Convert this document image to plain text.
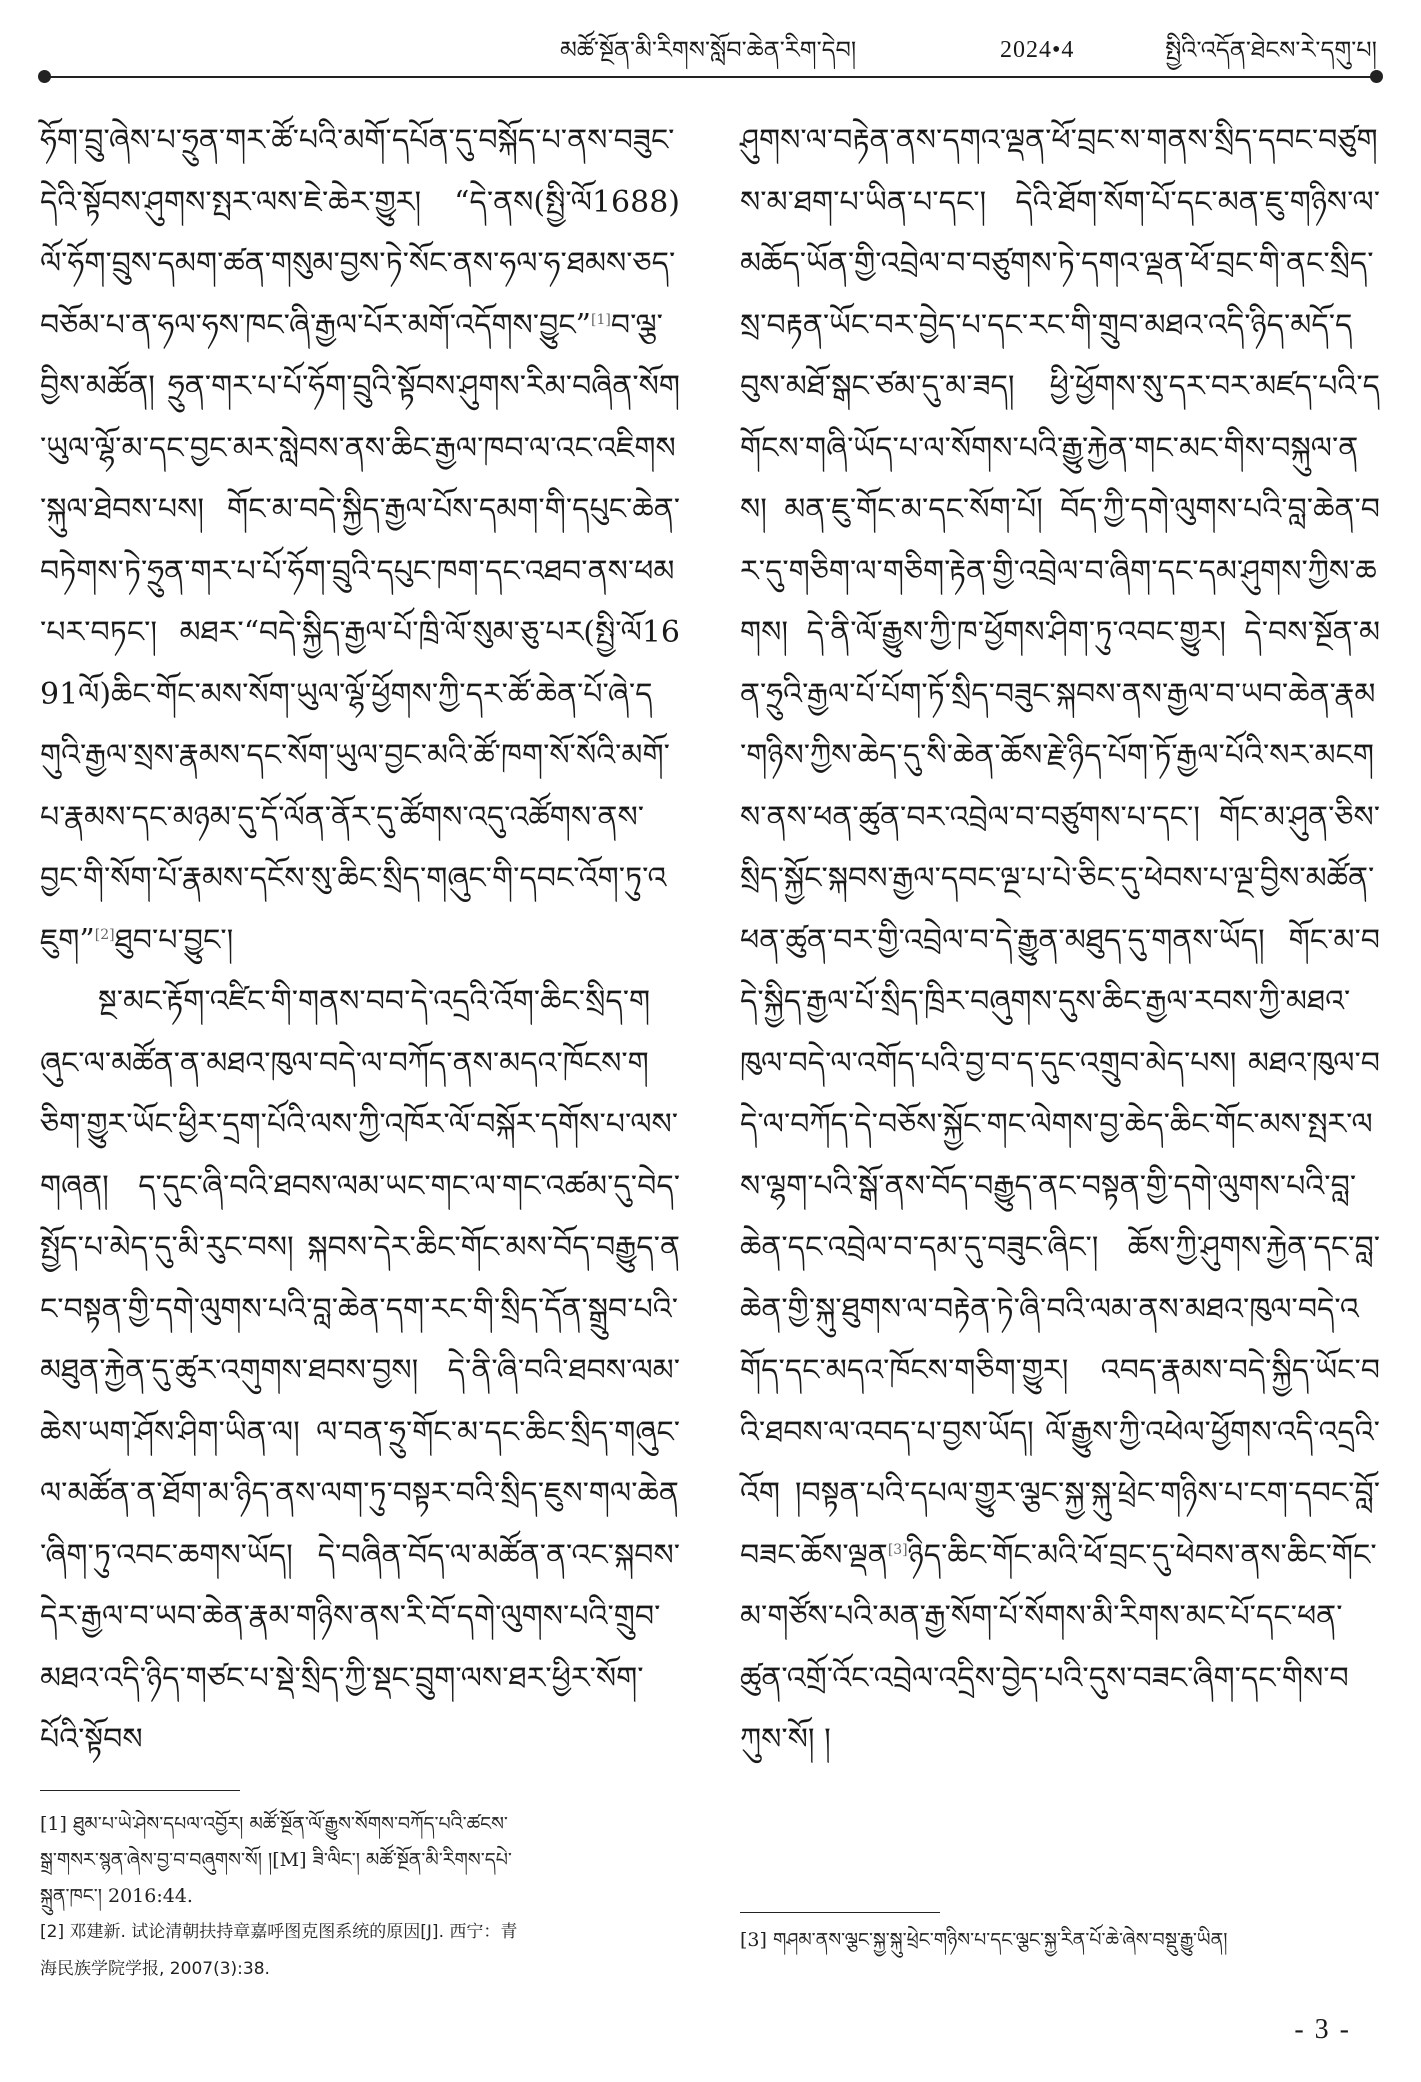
མཚོ་སྔོན་མི་རིགས་སློབ་ཆེན་རིག་དེབ།	2024•4	སྤྱིའི་འདོན་ཐེངས་རེ་དགུ་པ།

ཧོག་བྲུ་ཞེས་པ་ཧྲུན་གར་ཚོ་པའི་མགོ་དཔོན་དུ་བསྐོད་པ་ནས་བཟུང་དེའི་སྟོབས་ཤུགས་སྤར་ལས་ཇེ་ཆེར་གྱུར། “དེ་ནས(སྤྱི་ལོ1688)ལོ་ཧོག་བྲུས་དམག་ཚན་གསུམ་བྱས་ཏེ་སོང་ནས་ཧལ་ཧ་ཐམས་ཅད་བཅོམ་པ་ན་ཧལ་ཧས་ཁང་ཞི་རྒྱལ་པོར་མགོ་འདོགས་བྱུང”[1]བ་ལྕ་བྱིས་མཚོན། ཧྲུན་གར་པ་པོ་ཧོག་བྲུའི་སྟོབས་ཤུགས་རིམ་བཞིན་སོག་ཡུལ་ལྷོ་མ་དང་བྱང་མར་སླེབས་ནས་ཆིང་རྒྱལ་ཁབ་ལ་འང་འཇིགས་སྐུལ་ཐེབས་པས། གོང་མ་བདེ་སྐྱིད་རྒྱལ་པོས་དམག་གི་དཔུང་ཆེན་བཏེགས་ཏེ་ཧྲུན་གར་པ་པོ་ཧོག་བྲུའི་དཔུང་ཁག་དང་འཐབ་ནས་ཕམ་པར་བཏང་། མཐར་“བདེ་སྐྱིད་རྒྱལ་པོ་ཁྲི་ལོ་སུམ་ཅུ་པར(སྤྱི་ལོ1691ལོ)ཆིང་གོང་མས་སོག་ཡུལ་ལྷོ་ཕྱོགས་ཀྱི་དར་ཚོ་ཆེན་པོ་ཞེ་དགུའི་རྒྱལ་སྲས་རྣམས་དང་སོག་ཡུལ་བྱང་མའི་ཚོ་ཁག་སོ་སོའི་མགོ་པ་རྣམས་དང་མཉམ་དུ་དོ་ལོན་ནོར་དུ་ཚོགས་འདུ་འཚོགས་ནས་བྱང་གི་སོག་པོ་རྣམས་དངོས་སུ་ཆིང་སྲིད་གཞུང་གི་དབང་འོག་ཏུ་འཇུག”[2]ཐུབ་པ་བྱུང་།

སྔ་མང་རྟོག་འཛིང་གི་གནས་བབ་དེ་འདྲའི་འོག་ཆིང་སྲིད་གཞུང་ལ་མཚོན་ན་མཐའ་ཁུལ་བདེ་ལ་བཀོད་ནས་མདའ་ཁོངས་གཅིག་གྱུར་ཡོང་ཕྱིར་དྲག་པོའི་ལས་ཀྱི་འཁོར་ལོ་བསྐོར་དགོས་པ་ལས་གཞན། ད་དུང་ཞི་བའི་ཐབས་ལམ་ཡང་གང་ལ་གང་འཚམ་དུ་བེད་སྤྱོད་པ་མེད་དུ་མི་རུང་བས། སྐབས་དེར་ཆིང་གོང་མས་བོད་བརྒྱུད་ནང་བསྟན་གྱི་དགེ་ལུགས་པའི་བླ་ཆེན་དག་རང་གི་སྲིད་དོན་སྒྲུབ་པའི་མཐུན་རྐྱེན་དུ་ཚུར་འགུགས་ཐབས་བྱས། དེ་ནི་ཞི་བའི་ཐབས་ལམ་ཆེས་ཡག་ཤོས་ཤིག་ཡིན་ལ། ལ་བན་ཧྲུ་གོང་མ་དང་ཆིང་སྲིད་གཞུང་ལ་མཚོན་ན་ཐོག་མ་ཉིད་ནས་ལག་ཏུ་བསྟར་བའི་སྲིད་ཇུས་གལ་ཆེན་ཞིག་ཏུ་འབང་ཆགས་ཡོད། དེ་བཞིན་བོད་ལ་མཚོན་ན་འང་སྐབས་དེར་རྒྱལ་བ་ཡབ་ཆེན་རྣམ་གཉིས་ནས་རི་བོ་དགེ་ལུགས་པའི་གྲུབ་མཐའ་འདི་ཉིད་གཙང་པ་སྡེ་སྲིད་ཀྱི་སྡང་བྲུག་ལས་ཐར་ཕྱིར་སོག་པོའི་སྟོབས

ཤུགས་ལ་བརྟེན་ནས་དགའ་ལྡན་ཕོ་བྲང་ས་གནས་སྲིད་དབང་བཙུགས་མ་ཐག་པ་ཡིན་པ་དང་། དེའི་ཐོག་སོག་པོ་དང་མན་ཇུ་གཉིས་ལ་མཆོད་ཡོན་གྱི་འབྲེལ་བ་བཙུགས་ཏེ་དགའ་ལྡན་ཕོ་བྲང་གི་ནང་སྲིད་སྲ་བརྟན་ཡོང་བར་བྱེད་པ་དང་རང་གི་གྲུབ་མཐའ་འདི་ཉིད་མདོ་དབུས་མཐོ་སྒང་ཙམ་དུ་མ་ཟད། ཕྱི་ཕྱོགས་སུ་དར་བར་མཛད་པའི་དགོངས་གཞི་ཡོད་པ་ལ་སོགས་པའི་རྒྱུ་རྐྱེན་གང་མང་གིས་བསྐུལ་ནས། མན་ཇུ་གོང་མ་དང་སོག་པོ། བོད་ཀྱི་དགེ་ལུགས་པའི་བླ་ཆེན་བར་དུ་གཅིག་ལ་གཅིག་རྟེན་གྱི་འབྲེལ་བ་ཞིག་དང་དམ་ཤུགས་ཀྱིས་ཆགས། དེ་ནི་ལོ་རྒྱུས་ཀྱི་ཁ་ཕྱོགས་ཤིག་ཏུ་འབང་གྱུར། དེ་བས་སྔོན་མན་ཧྲུའི་རྒྱལ་པོ་པོག་ཏོ་སྲིད་བཟུང་སྐབས་ནས་རྒྱལ་བ་ཡབ་ཆེན་རྣམ་གཉིས་ཀྱིས་ཆེད་དུ་སི་ཆེན་ཆོས་རྗེ་ཉིད་པོག་ཏོ་རྒྱལ་པོའི་སར་མངགས་ནས་ཕན་ཚུན་བར་འབྲེལ་བ་བཙུགས་པ་དང་། གོང་མ་ཤུན་ཅིས་སྲིད་སྐྱོང་སྐབས་རྒྱལ་དབང་ལྔ་པ་པེ་ཅིང་དུ་ཕེབས་པ་ལྔ་བྱིས་མཚོན་ཕན་ཚུན་བར་གྱི་འབྲེལ་བ་དེ་རྒྱུན་མཐུད་དུ་གནས་ཡོད། གོང་མ་བདེ་སྐྱིད་རྒྱལ་པོ་སྲིད་ཁྲིར་བཞུགས་དུས་ཆིང་རྒྱལ་རབས་ཀྱི་མཐའ་ཁུལ་བདེ་ལ་འགོད་པའི་བྱ་བ་ད་དུང་འགྲུབ་མེད་པས། མཐའ་ཁུལ་བདེ་ལ་བཀོད་དེ་བཅོས་སྐྱོང་གང་ལེགས་བྱ་ཆེད་ཆིང་གོང་མས་སྤར་ལས་ལྷག་པའི་སྒོ་ནས་བོད་བརྒྱུད་ནང་བསྟན་གྱི་དགེ་ལུགས་པའི་བླ་ཆེན་དང་འབྲེལ་བ་དམ་དུ་བཟུང་ཞིང་། ཆོས་ཀྱི་ཤུགས་རྐྱེན་དང་བླ་ཆེན་གྱི་སྐུ་ཐུགས་ལ་བརྟེན་ཏེ་ཞི་བའི་ལམ་ནས་མཐའ་ཁུལ་བདེ་འགོད་དང་མདའ་ཁོངས་གཅིག་གྱུར། འབད་རྣམས་བདེ་སྐྱིད་ཡོང་བའི་ཐབས་ལ་འབད་པ་བྱས་ཡོད། ལོ་རྒྱུས་ཀྱི་འཕེལ་ཕྱོགས་འདི་འདྲའི་འོག །བསྟན་པའི་དཔལ་གྱུར་ལྕང་སྐྱ་སྐུ་ཕྲེང་གཉིས་པ་ངག་དབང་བློ་བཟང་ཆོས་ལྡན[3]ཉིད་ཆིང་གོང་མའི་ཕོ་བྲང་དུ་ཕེབས་ནས་ཆིང་གོང་མ་གཙོས་པའི་མན་རྒྱ་སོག་པོ་སོགས་མི་རིགས་མང་པོ་དང་ཕན་ཚུན་འགྲོ་འོང་འབྲེལ་འདྲིས་བྱེད་པའི་དུས་བཟང་ཞིག་དང་གིས་བཀུས་སོ། །

[1] ཐུམ་པ་ཡེ་ཤེས་དཔལ་འབྱོར། མཚོ་སྔོན་ལོ་རྒྱུས་སོགས་བཀོད་པའི་ཚངས་
སྒྲ་གསར་སྙན་ཞེས་བྱ་བ་བཞུགས་སོ། །[M] ཟི་ལིང་། མཚོ་སྔོན་མི་རིགས་དཔེ་
སྐྲུན་ཁང་། 2016:44.
[2] 邓建新. 试论清朝扶持章嘉呼图克图系统的原因[J]. 西宁：青
海民族学院学报, 2007(3):38.
[3] གཤམ་ནས་ལྕང་སྐྱ་སྐུ་ཕྲེང་གཉིས་པ་དང་ལྕང་སྐྱ་རིན་པོ་ཆེ་ཞེས་བསྡུ་རྒྱུ་ཡིན།
- 3 -
